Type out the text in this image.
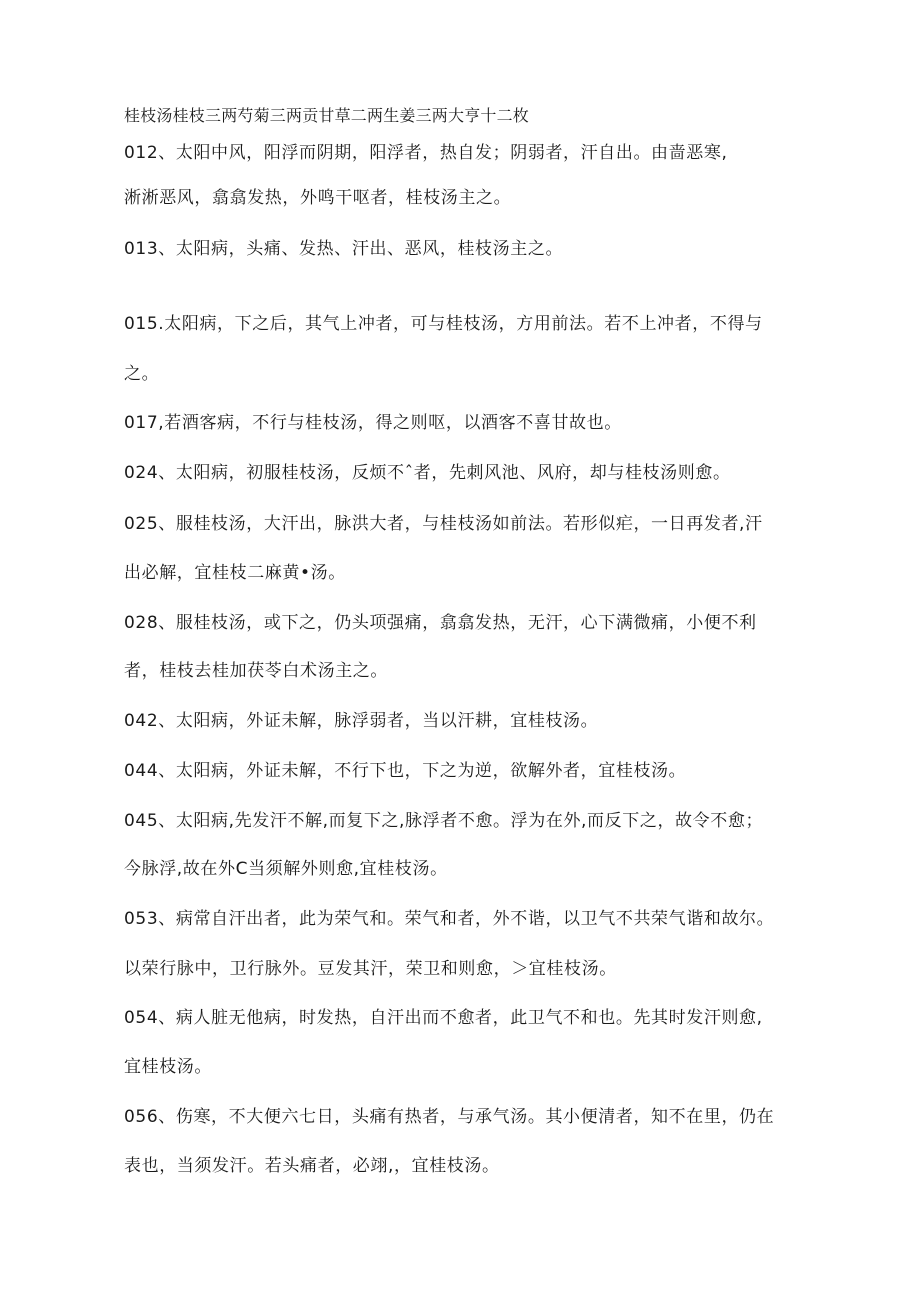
桂枝汤桂枝三两芍菊三两贡甘草二两生姜三两大亨十二枚
012、太阳中风，阳浮而阴期，阳浮者，热自发；阴弱者，汗自出。由啬恶寒,
淅淅恶风，翕翕发热，外鸣干呕者，桂枝汤主之。
013、太阳病，头痛、发热、汗出、恶风，桂枝汤主之。
015.太阳病，下之后，其气上冲者，可与桂枝汤，方用前法。若不上冲者，不得与
之。
017,若酒客病，不行与桂枝汤，得之则呕，以酒客不喜甘故也。
024、太阳病，初服桂枝汤，反烦不ˆ者，先刺风池、风府，却与桂枝汤则愈。
025、服桂枝汤，大汗出，脉洪大者，与桂枝汤如前法。若形似疟，一日再发者,汗
出必解，宜桂枝二麻黄•汤。
028、服桂枝汤，或下之，仍头项强痛，翕翕发热，无汗，心下满微痛，小便不利
者，桂枝去桂加茯苓白术汤主之。
042、太阳病，外证未解，脉浮弱者，当以汗耕，宜桂枝汤。
044、太阳病，外证未解，不行下也，下之为逆，欲解外者，宜桂枝汤。
045、太阳病,先发汗不解,而复下之,脉浮者不愈。浮为在外,而反下之，故令不愈；
今脉浮,故在外C当须解外则愈,宜桂枝汤。
053、病常自汗出者，此为荣气和。荣气和者，外不谐，以卫气不共荣气谐和故尔。
以荣行脉中，卫行脉外。豆发其汗，荣卫和则愈，＞宜桂枝汤。
054、病人脏无他病，时发热，自汗出而不愈者，此卫气不和也。先其时发汗则愈,
宜桂枝汤。
056、伤寒，不大便六七日，头痛有热者，与承气汤。其小便清者，知不在里，仍在
表也，当须发汗。若头痛者，必翊,，宜桂枝汤。
